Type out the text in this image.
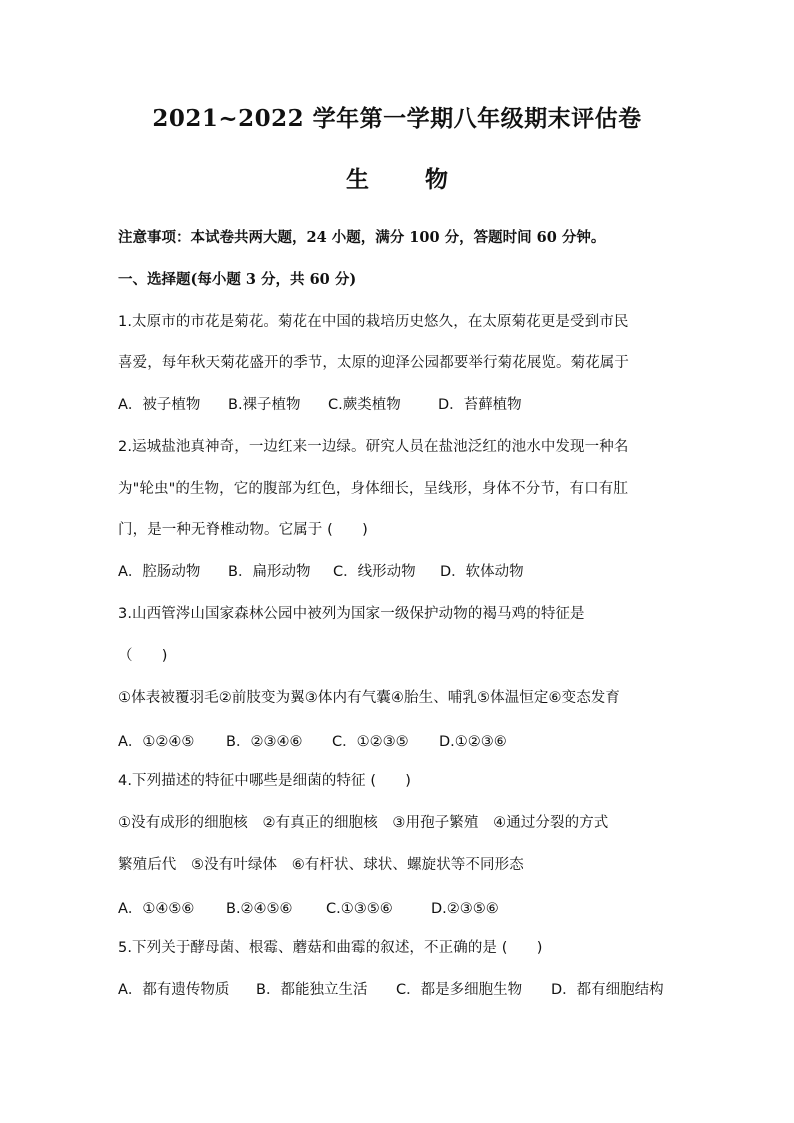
2021~2022 学年第一学期八年级期末评估卷
生 物
注意事项：本试卷共两大题，24 小题，满分 100 分，答题时间 60 分钟。
一、选择题(每小题 3 分，共 60 分)
1.太原市的市花是菊花。菊花在中国的栽培历史悠久，在太原菊花更是受到市民
喜爱，每年秋天菊花盛开的季节，太原的迎泽公园都要举行菊花展览。菊花属于
A．被子植物 B.裸子植物 C.蕨类植物	D．苔藓植物
2.运城盐池真神奇，一边红来一边绿。研究人员在盐池泛红的池水中发现一种名
为"轮虫"的生物，它的腹部为红色，身体细长，呈线形，身体不分节，有口有肛
门，是一种无脊椎动物。它属于 (　　)
A．腔肠动物 B．扁形动物 C．线形动物 D．软体动物
3.山西管涔山国家森林公园中被列为国家一级保护动物的褐马鸡的特征是
（　　)
①体表被覆羽毛②前肢变为翼③体内有气囊④胎生、哺乳⑤体温恒定⑥变态发育
A．①②④⑤ B．②③④⑥ C．①②③⑤ D.①②③⑥
4.下列描述的特征中哪些是细菌的特征 (　　)
①没有成形的细胞核　②有真正的细胞核　③用孢子繁殖　④通过分裂的方式
繁殖后代　⑤没有叶绿体　⑥有杆状、球状、螺旋状等不同形态
A．①④⑤⑥ B.②④⑤⑥ C.①③⑤⑥	D.②③⑤⑥
5.下列关于酵母菌、根霉、蘑菇和曲霉的叙述，不正确的是 (　　)
A．都有遗传物质 B．都能独立生活 C．都是多细胞生物 D．都有细胞结构
